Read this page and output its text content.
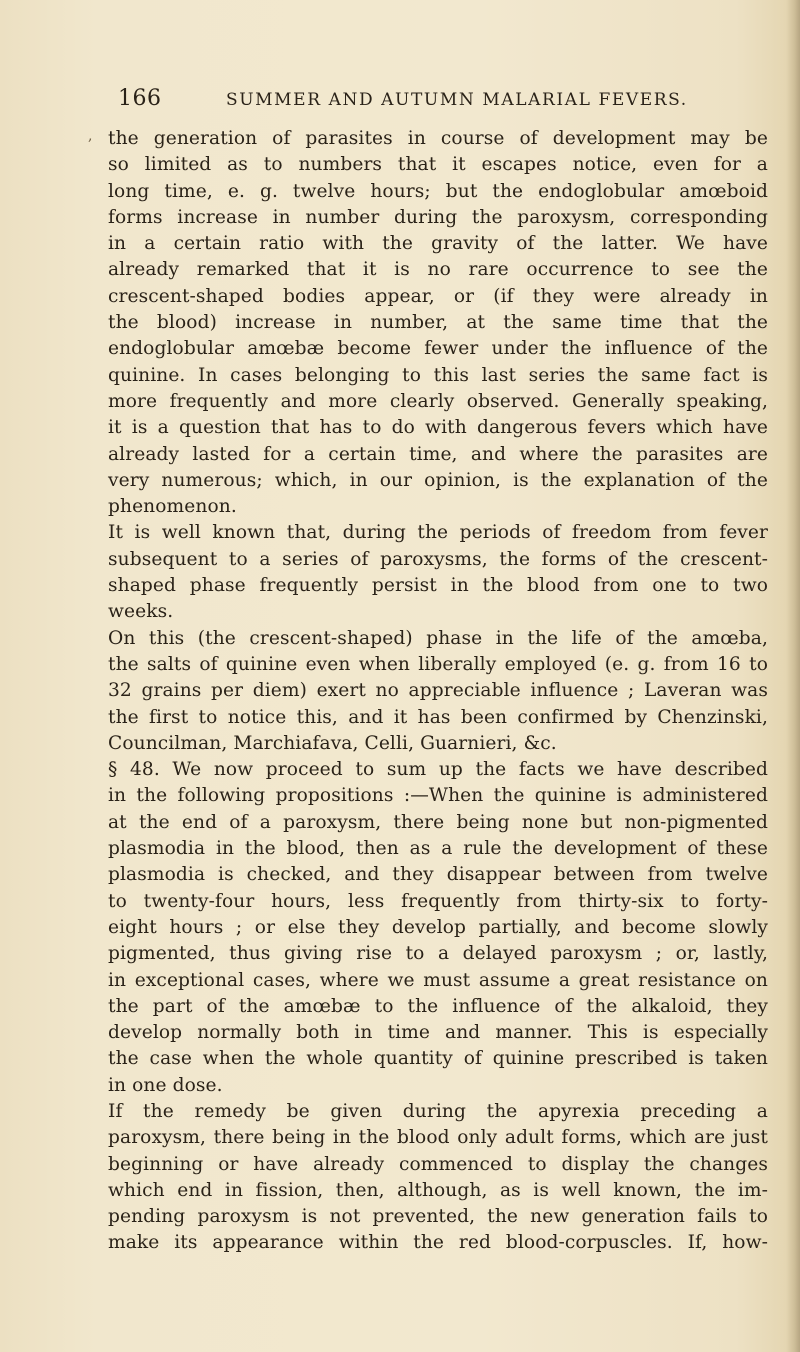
166	SUMMER AND AUTUMN MALARIAL FEVERS.
, the generation of parasites in course of development may be
so limited as to numbers that it escapes notice, even for a
long time, e. g. twelve hours; but the endoglobular amœboid
forms increase in number during the paroxysm, corresponding
in a certain ratio with the gravity of the latter. We have
already remarked that it is no rare occurrence to see the
crescent-shaped bodies appear, or (if they were already in
the blood) increase in number, at the same time that the
endoglobular amœbæ become fewer under the influence of the
quinine. In cases belonging to this last series the same fact is
more frequently and more clearly observed. Generally speaking,
it is a question that has to do with dangerous fevers which have
already lasted for a certain time, and where the parasites are
very numerous; which, in our opinion, is the explanation of the
phenomenon.
It is well known that, during the periods of freedom from fever
subsequent to a series of paroxysms, the forms of the crescent-
shaped phase frequently persist in the blood from one to two
weeks.
On this (the crescent-shaped) phase in the life of the amœba,
the salts of quinine even when liberally employed (e. g. from 16 to
32 grains per diem) exert no appreciable influence ; Laveran was
the first to notice this, and it has been confirmed by Chenzinski,
Councilman, Marchiafava, Celli, Guarnieri, &c.
§ 48. We now proceed to sum up the facts we have described
in the following propositions :—When the quinine is administered
at the end of a paroxysm, there being none but non-pigmented
plasmodia in the blood, then as a rule the development of these
plasmodia is checked, and they disappear between from twelve
to twenty-four hours, less frequently from thirty-six to forty-
eight hours ; or else they develop partially, and become slowly
pigmented, thus giving rise to a delayed paroxysm ; or, lastly,
in exceptional cases, where we must assume a great resistance on
the part of the amœbæ to the influence of the alkaloid, they
develop normally both in time and manner. This is especially
the case when the whole quantity of quinine prescribed is taken
in one dose.
If the remedy be given during the apyrexia preceding a
paroxysm, there being in the blood only adult forms, which are just
beginning or have already commenced to display the changes
which end in fission, then, although, as is well known, the im-
pending paroxysm is not prevented, the new generation fails to
make its appearance within the red blood-corpuscles. If, how-
